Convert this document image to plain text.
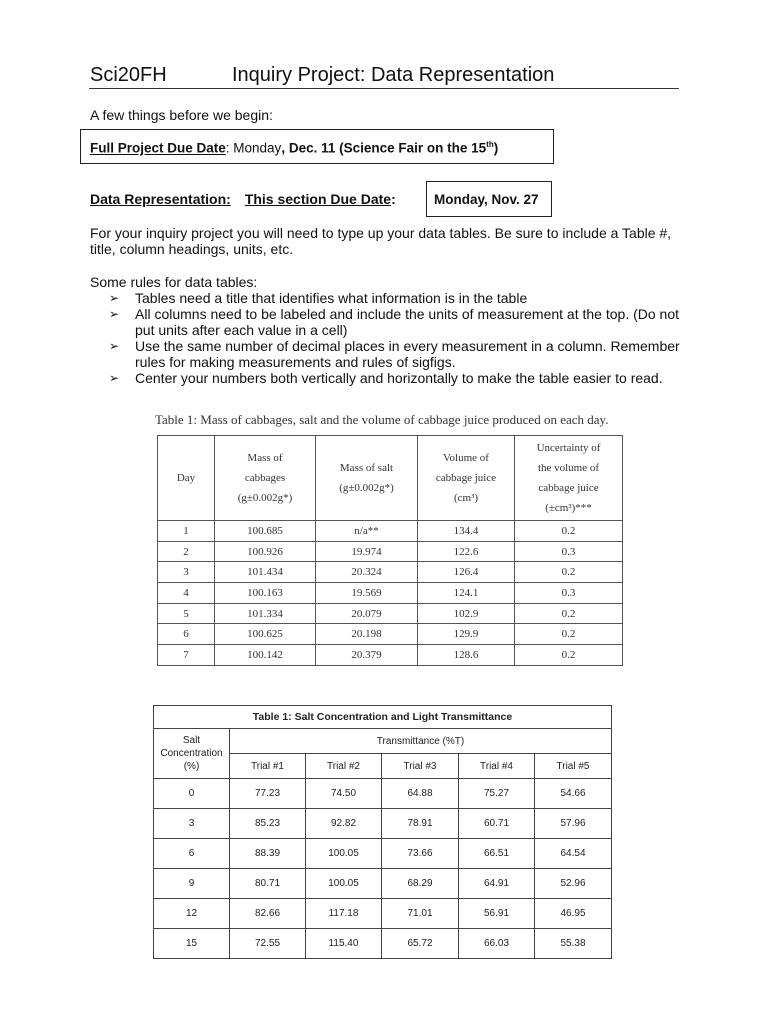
Sci20FH	Inquiry Project: Data Representation
A few things before we begin:
Full Project Due Date: Monday, Dec. 11 (Science Fair on the 15th)
Data Representation: This section Due Date:	Monday, Nov. 27
For your inquiry project you will need to type up your data tables. Be sure to include a Table #,
title, column headings, units, etc.
Some rules for data tables:
➢ Tables need a title that identifies what information is in the table
➢ All columns need to be labeled and include the units of measurement at the top. (Do not
put units after each value in a cell)
➢ Use the same number of decimal places in every measurement in a column. Remember
rules for making measurements and rules of sigfigs.
➢ Center your numbers both vertically and horizontally to make the table easier to read.
Table 1: Mass of cabbages, salt and the volume of cabbage juice produced on each day.
Day	Mass of
cabbages
(g±0.002g*)	Mass of salt
(g±0.002g*)	Volume of
cabbage juice
(cm³)	Uncertainty of
the volume of
cabbage juice
(±cm³)***
1	100.685	n/a**	134.4	0.2
2	100.926	19.974	122.6	0.3
3	101.434	20.324	126.4	0.2
4	100.163	19.569	124.1	0.3
5	101.334	20.079	102.9	0.2
6	100.625	20.198	129.9	0.2
7	100.142	20.379	128.6	0.2
Table 1: Salt Concentration and Light Transmittance					
Salt
Concentration
(%)	Transmittance (%T)				
	Trial #1	Trial #2	Trial #3	Trial #4	Trial #5
0	77.23	74.50	64.88	75.27	54.66
3	85.23	92.82	78.91	60.71	57.96
6	88.39	100.05	73.66	66.51	64.54
9	80.71	100.05	68.29	64.91	52.96
12	82.66	117.18	71.01	56.91	46.95
15	72.55	115.40	65.72	66.03	55.38
